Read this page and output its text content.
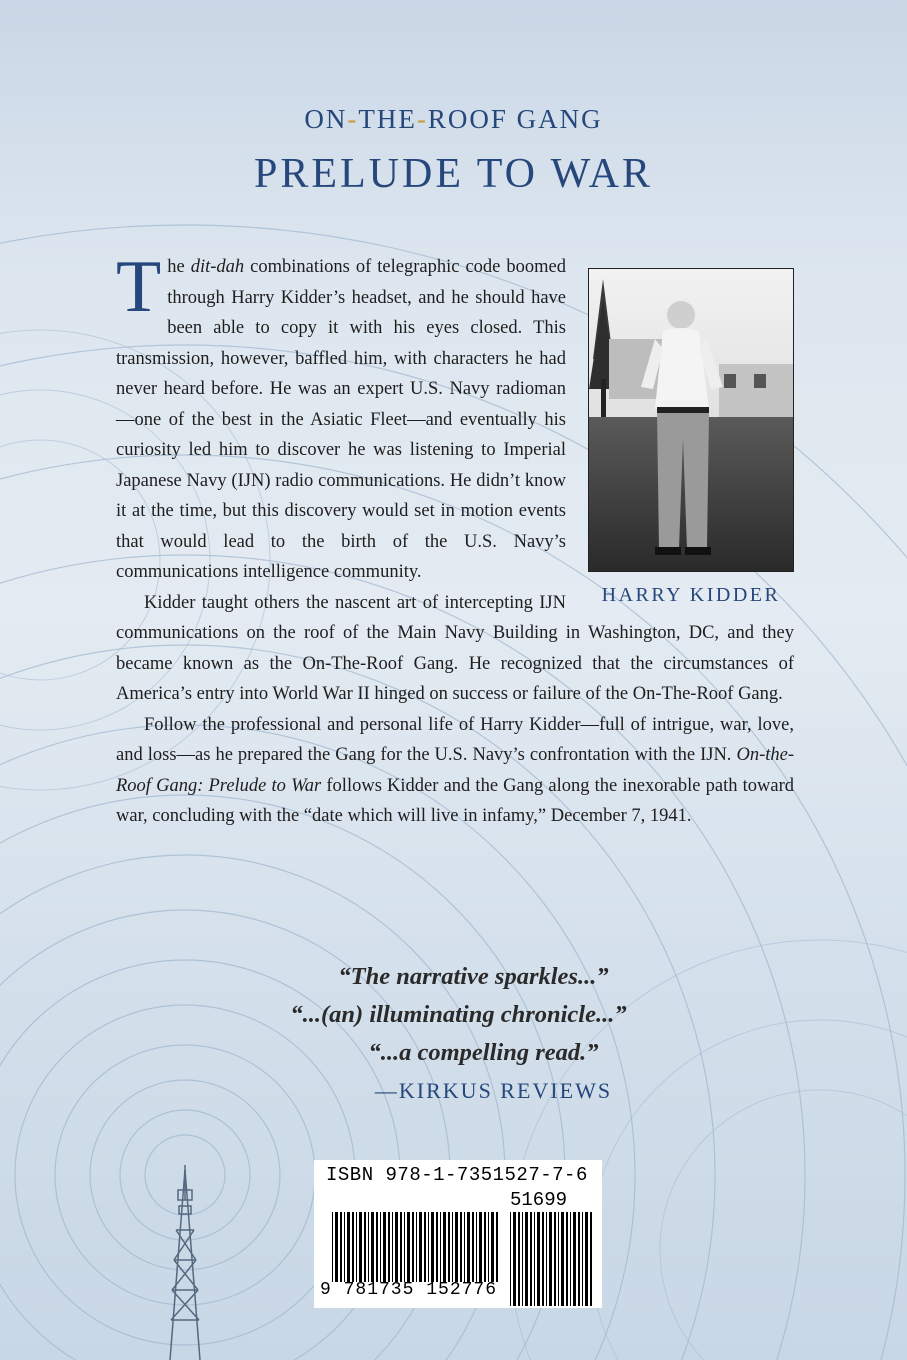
ON-THE-ROOF GANG
PRELUDE TO WAR

The dit-dah
HARRY KIDDER
combinations of telegraphic code boomed through Harry Kidder’s headset, and he should have been able to copy it with his eyes closed. This transmission, however, baffled him, with characters he had never heard before. He was an expert U.S. Navy radioman—one of the best in the Asiatic Fleet—and eventually his curiosity led him to discover he was listening to Imperial Japanese Navy (IJN) radio communications. He didn’t know it at the time, but this discovery would set in motion events that would lead to the birth of the U.S. Navy’s communications intelligence community.

Kidder taught others the nascent art of intercepting IJN communications on the roof of the Main Navy Building in Washington, DC, and they became known as the On-The-Roof Gang. He recognized that the circumstances of America’s entry into World War II hinged on success or failure of the On-The-Roof Gang.

Follow the professional and personal life of Harry Kidder—full of intrigue, war, love, and loss—as he prepared the Gang for the U.S. Navy’s confrontation with the IJN. On-the-Roof Gang: Prelude to War follows Kidder and the Gang along the inexorable path toward war, concluding with the “date which will live in infamy,” December 7, 1941.

“The narrative sparkles...”
“...(an) illuminating chronicle...”
“...a compelling read.”
—KIRKUS REVIEWS
ISBN 978-1-7351527-7-6
51699
9 781735 152776
